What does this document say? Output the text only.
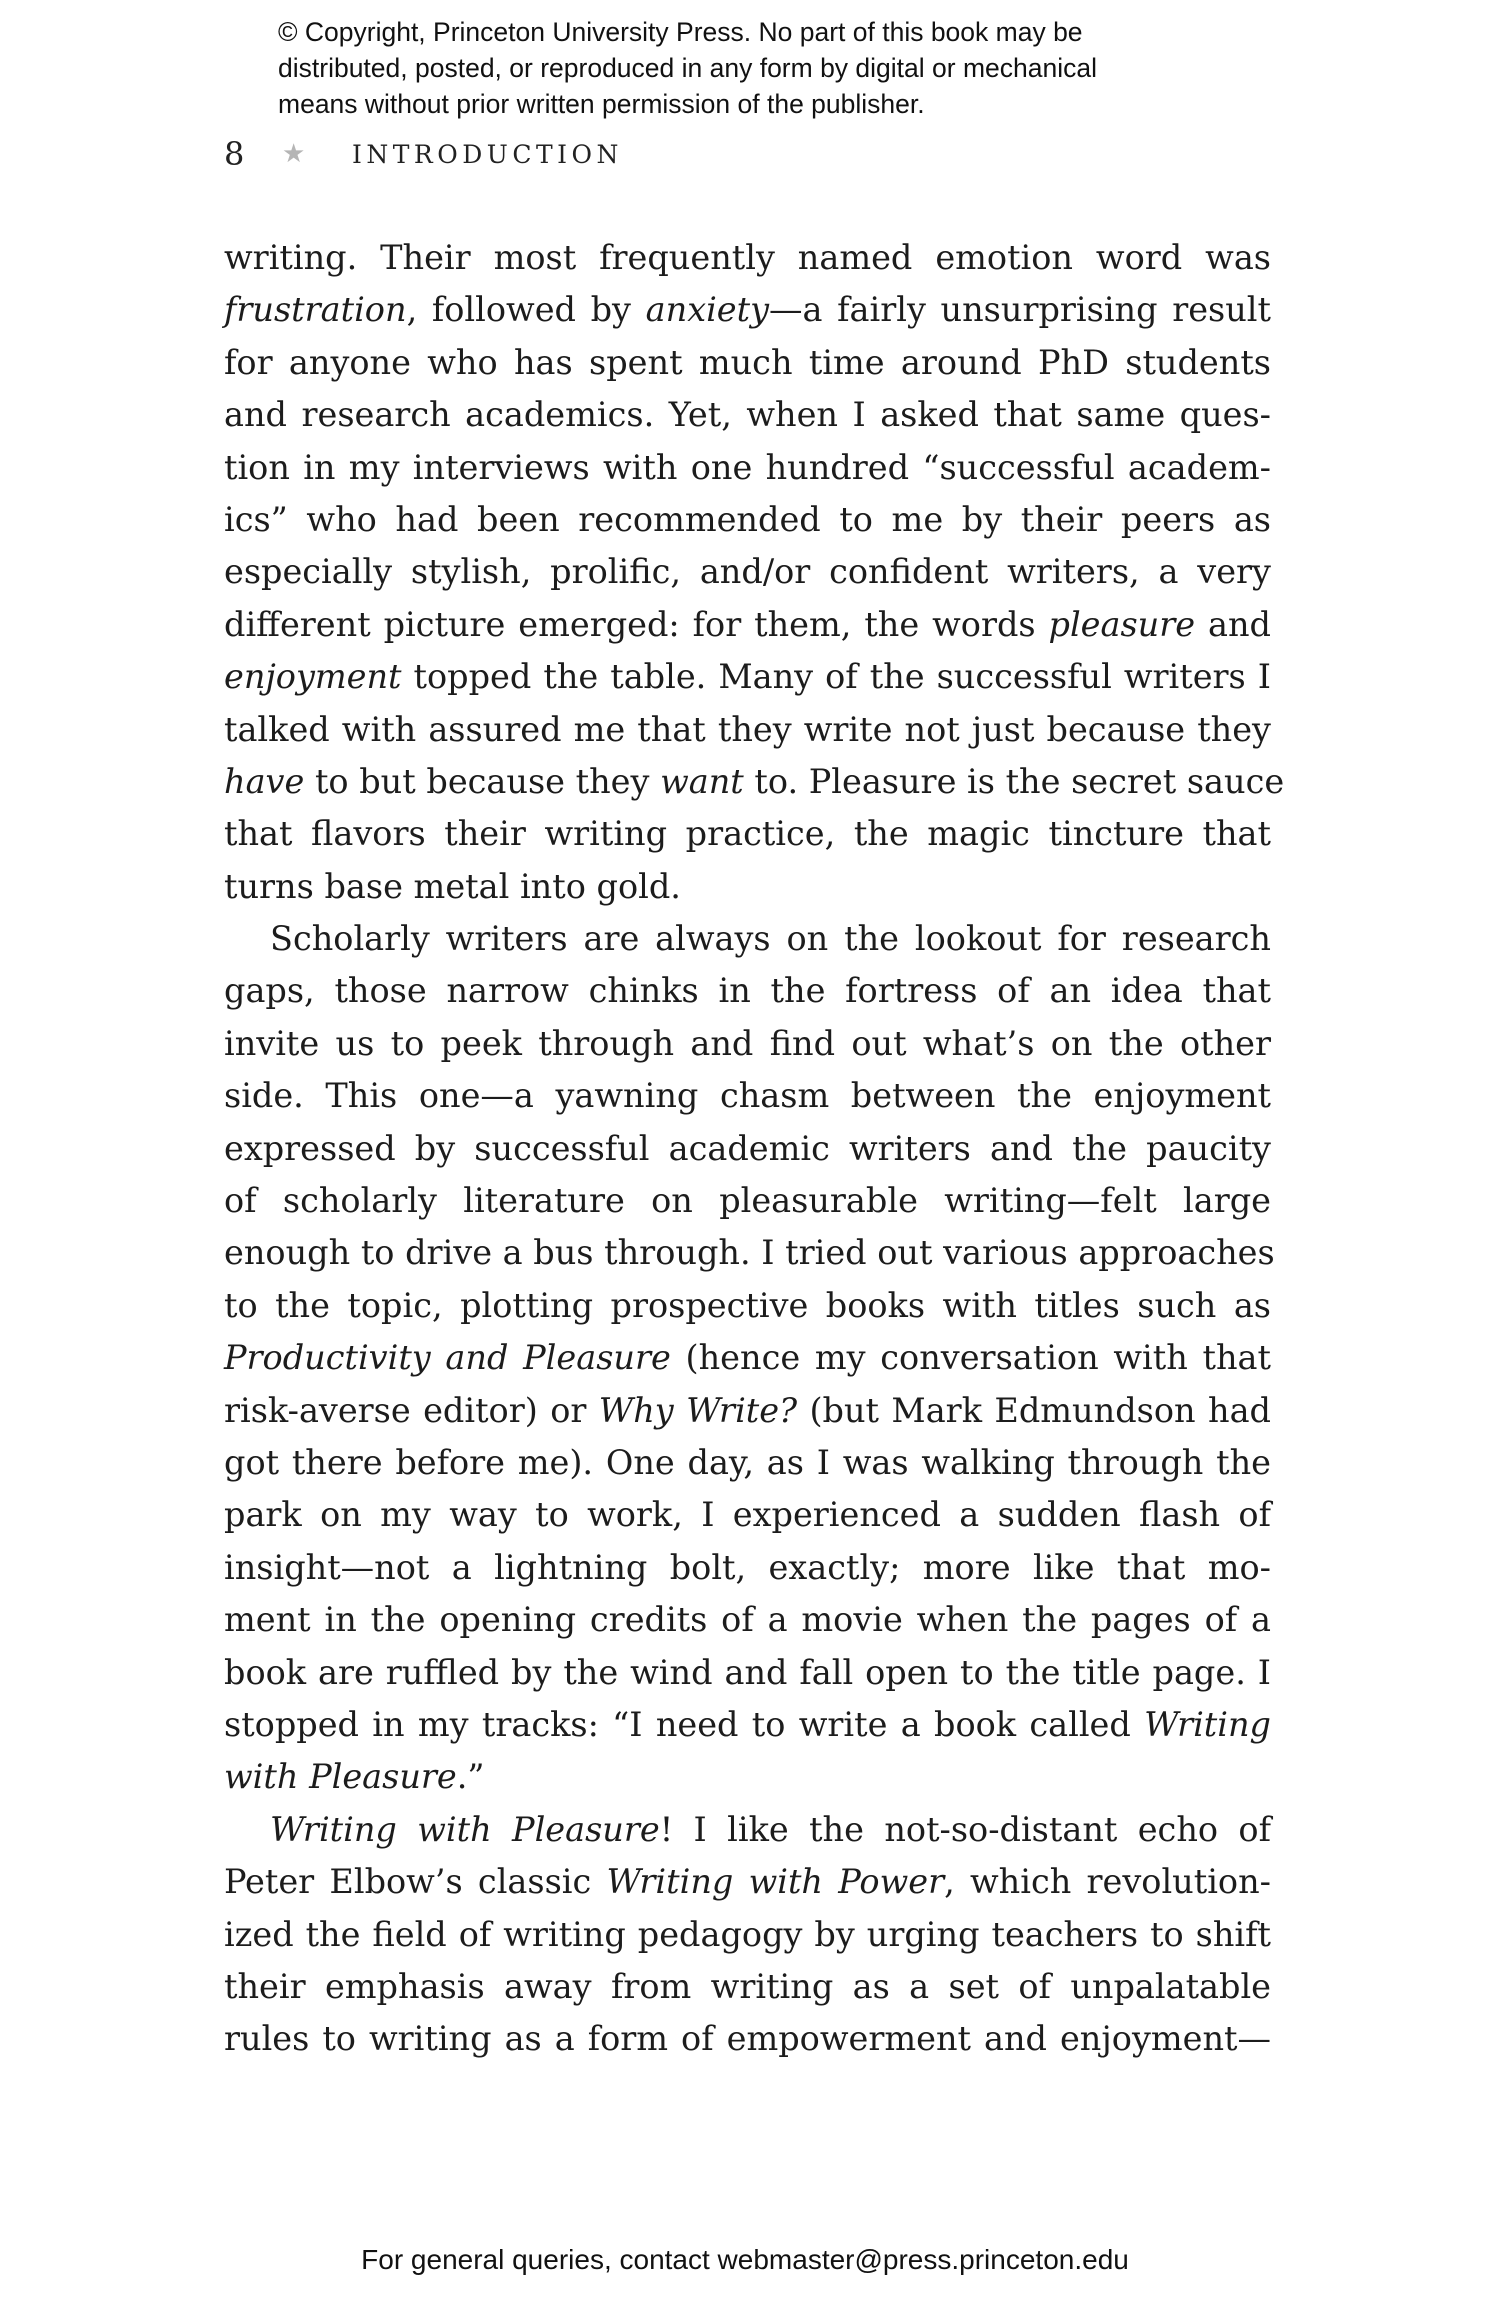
© Copyright, Princeton University Press. No part of this book may be
distributed, posted, or reproduced in any form by digital or mechanical
means without prior written permission of the publisher.
8	★	INTRODUCTION
writing. Their most frequently named emotion word was
frustration, followed by anxiety—a fairly unsurprising result
for anyone who has spent much time around PhD students
and research academics. Yet, when I asked that same ques-
tion in my interviews with one hundred “successful academ-
ics” who had been recommended to me by their peers as
especially stylish, prolific, and/or confident writers, a very
different picture emerged: for them, the words pleasure and
enjoyment topped the table. Many of the successful writers I
talked with assured me that they write not just because they
have to but because they want to. Pleasure is the secret sauce
that flavors their writing practice, the magic tincture that
turns base metal into gold.
Scholarly writers are always on the lookout for research
gaps, those narrow chinks in the fortress of an idea that
invite us to peek through and find out what’s on the other
side. This one—a yawning chasm between the enjoyment
expressed by successful academic writers and the paucity
of scholarly literature on pleasurable writing—felt large
enough to drive a bus through. I tried out various approaches
to the topic, plotting prospective books with titles such as
Productivity and Pleasure (hence my conversation with that
risk-averse editor) or Why Write? (but Mark Edmundson had
got there before me). One day, as I was walking through the
park on my way to work, I experienced a sudden flash of
insight—not a lightning bolt, exactly; more like that mo-
ment in the opening credits of a movie when the pages of a
book are ruffled by the wind and fall open to the title page. I
stopped in my tracks: “I need to write a book called Writing
with Pleasure.”
Writing with Pleasure! I like the not-so-distant echo of
Peter Elbow’s classic Writing with Power, which revolution-
ized the field of writing pedagogy by urging teachers to shift
their emphasis away from writing as a set of unpalatable
rules to writing as a form of empowerment and enjoyment—
For general queries, contact webmaster@press.princeton.edu
